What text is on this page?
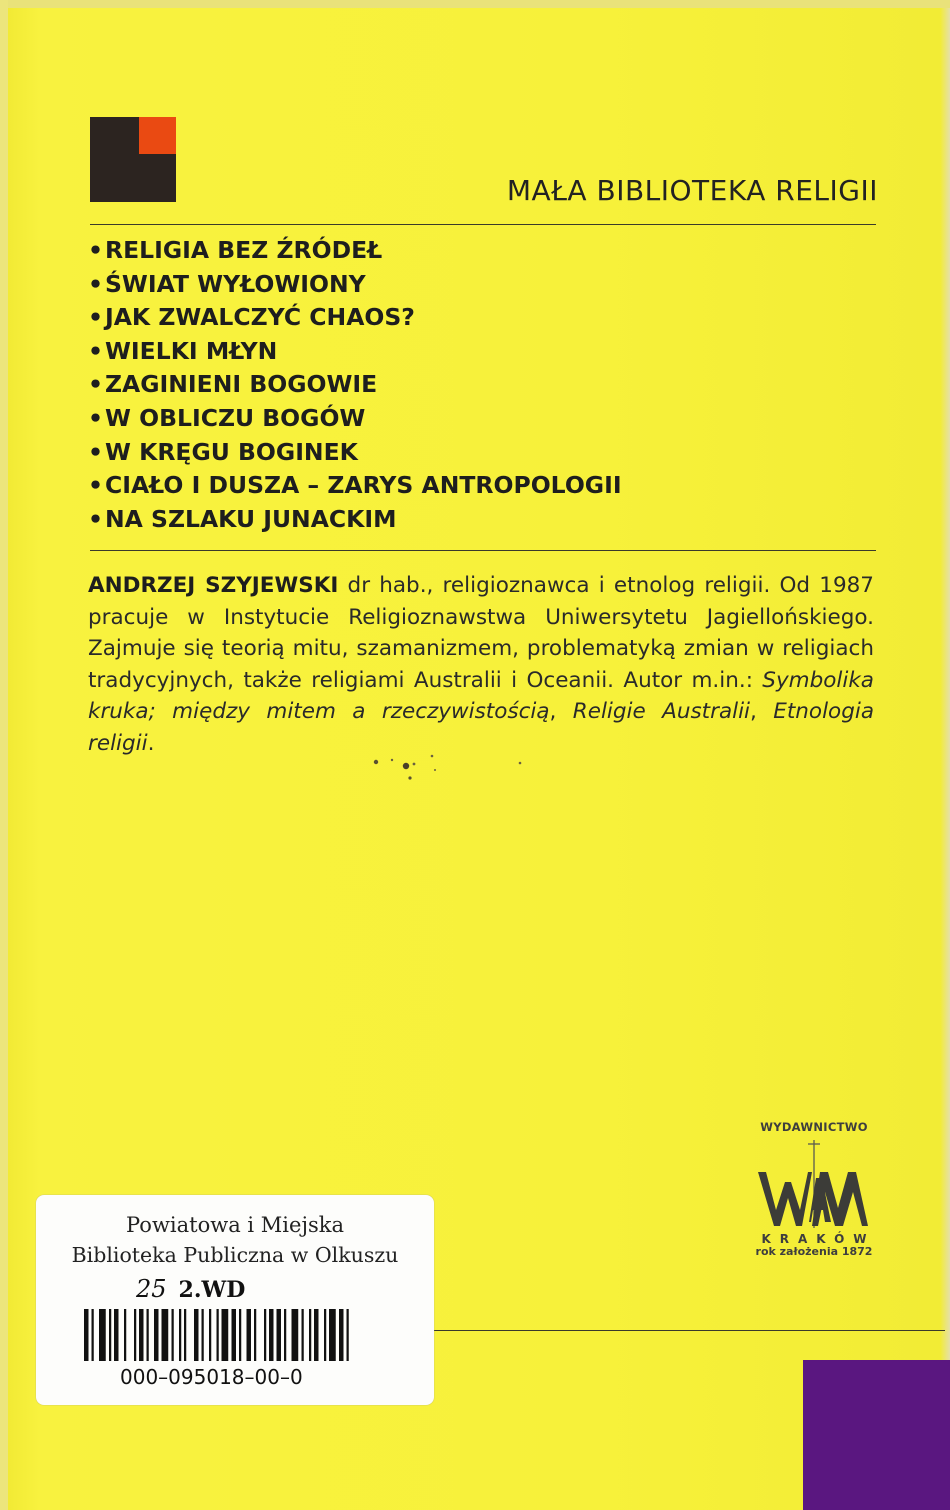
MAŁA BIBLIOTEKA RELIGII
•RELIGIA BEZ ŹRÓDEŁ
•ŚWIAT WYŁOWIONY
•JAK ZWALCZYĆ CHAOS?
•WIELKI MŁYN
•ZAGINIENI BOGOWIE
•W OBLICZU BOGÓW
•W KRĘGU BOGINEK
•CIAŁO I DUSZA – ZARYS ANTROPOLOGII
•NA SZLAKU JUNACKIM
ANDRZEJ SZYJEWSKI dr hab., religioznawca i etnolog religii. Od 1987 pracuje w Instytucie Religioznawstwa Uniwersytetu Jagiellońskiego. Zajmuje się teorią mitu, szamanizmem, problematyką zmian w religiach tradycyjnych, także religiami Australii i Oceanii. Autor m.in.: Symbolika kruka; między mitem a rzeczywistością, Religie Australii, Etnologia religii.
WYDAWNICTWO
KRAKÓW
rok założenia 1872
Powiatowa i Miejska
Biblioteka Publiczna w Olkuszu
25 2.WD
000–095018–00–0
